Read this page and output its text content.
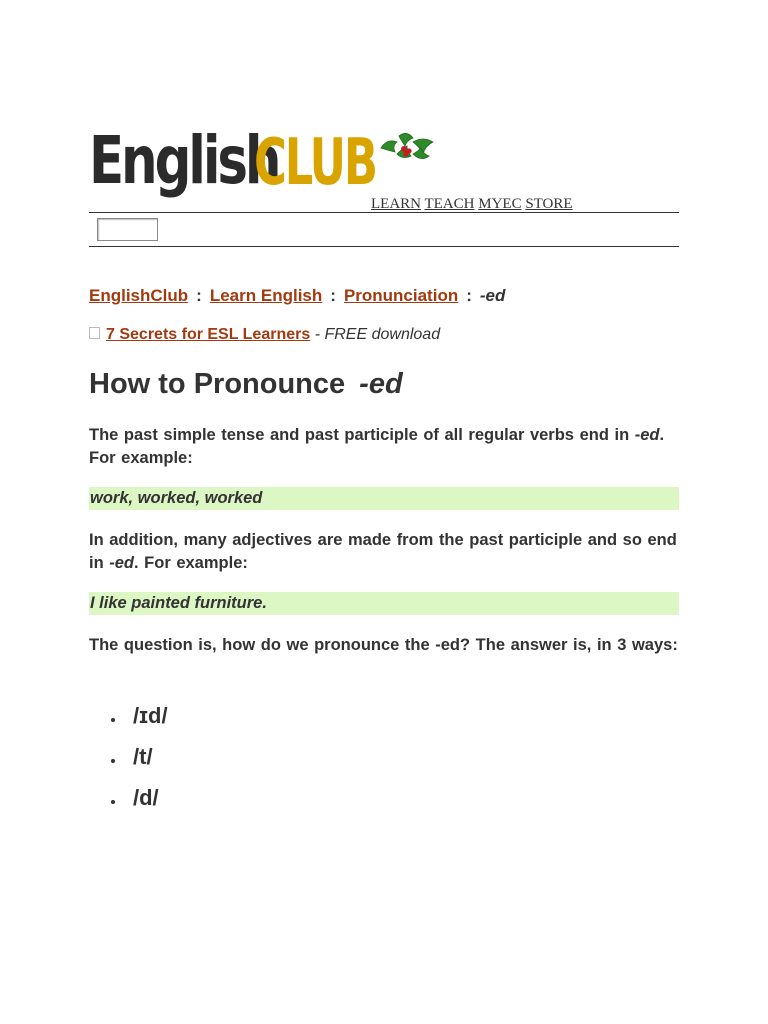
English
CLUB
LEARN TEACH MYEC STORE
EnglishClub : Learn English : Pronunciation : -ed
7 Secrets for ESL Learners - FREE download
How to Pronounce -ed

The past simple tense and past participle of all regular verbs end in -ed. For example:

work, worked, worked

In addition, many adjectives are made from the past participle and so end in -ed. For example:

I like painted furniture.

The question is, how do we pronounce the -ed? The answer is, in 3 ways:

/ɪd/
/t/
/d/
